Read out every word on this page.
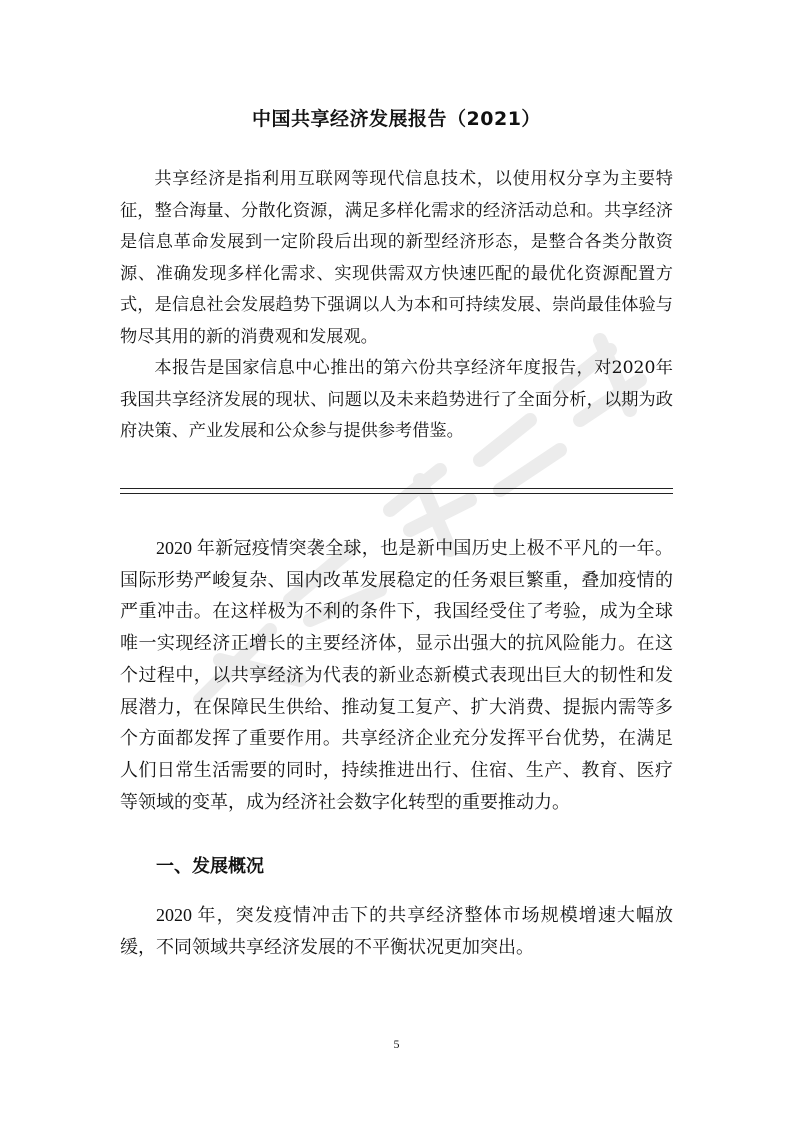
中国共享经济发展报告（2021）

共享经济是指利用互联网等现代信息技术，以使用权分享为主要特征，整合海量、分散化资源，满足多样化需求的经济活动总和。共享经济是信息革命发展到一定阶段后出现的新型经济形态，是整合各类分散资源、准确发现多样化需求、实现供需双方快速匹配的最优化资源配置方式，是信息社会发展趋势下强调以人为本和可持续发展、崇尚最佳体验与物尽其用的新的消费观和发展观。

本报告是国家信息中心推出的第六份共享经济年度报告，对2020年我国共享经济发展的现状、问题以及未来趋势进行了全面分析，以期为政府决策、产业发展和公众参与提供参考借鉴。

2020 年新冠疫情突袭全球，也是新中国历史上极不平凡的一年。国际形势严峻复杂、国内改革发展稳定的任务艰巨繁重，叠加疫情的严重冲击。在这样极为不利的条件下，我国经受住了考验，成为全球唯一实现经济正增长的主要经济体，显示出强大的抗风险能力。在这个过程中，以共享经济为代表的新业态新模式表现出巨大的韧性和发展潜力，在保障民生供给、推动复工复产、扩大消费、提振内需等多个方面都发挥了重要作用。共享经济企业充分发挥平台优势，在满足人们日常生活需要的同时，持续推进出行、住宿、生产、教育、医疗等领域的变革，成为经济社会数字化转型的重要推动力。

一、发展概况

2020 年，突发疫情冲击下的共享经济整体市场规模增速大幅放缓，不同领域共享经济发展的不平衡状况更加突出。

5
